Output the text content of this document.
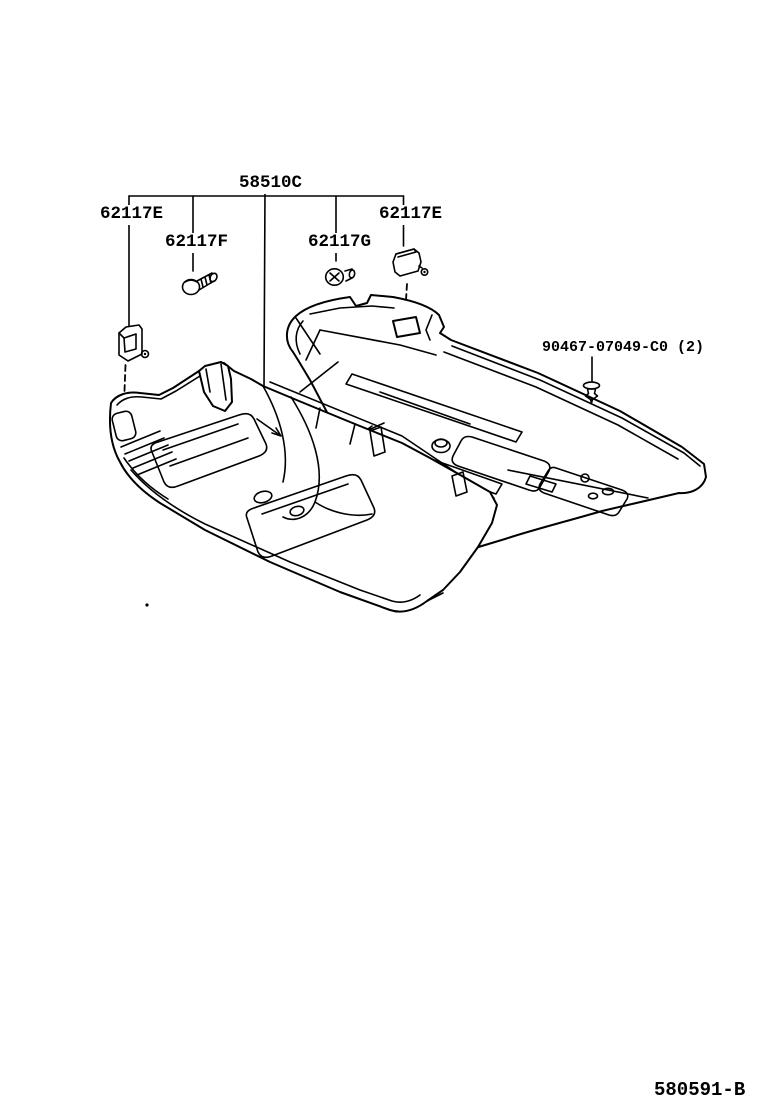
58510C
62117E
62117F	62117G
62117E
90467-07049-C0 (2)
580591-B
